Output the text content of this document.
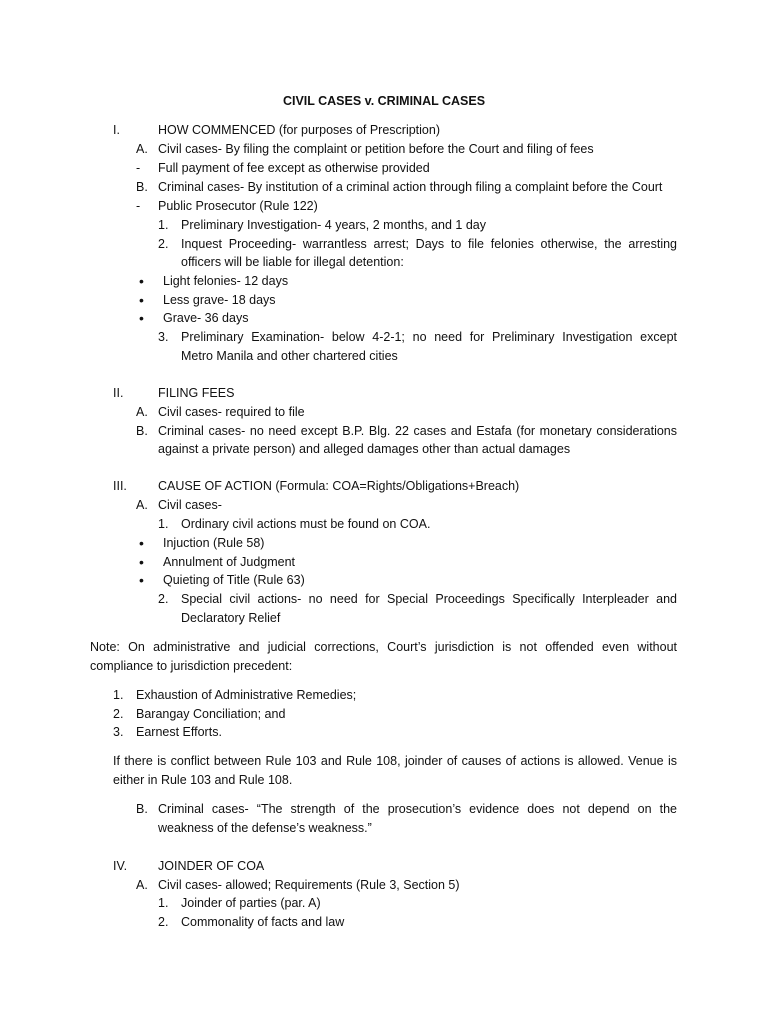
CIVIL CASES v. CRIMINAL CASES
I.	HOW COMMENCED (for purposes of Prescription)
A. Civil cases- By filing the complaint or petition before the Court and filing of fees
- Full payment of fee except as otherwise provided
B. Criminal cases- By institution of a criminal action through filing a complaint before the Court
- Public Prosecutor (Rule 122)
1. Preliminary Investigation- 4 years, 2 months, and 1 day
2. Inquest Proceeding- warrantless arrest; Days to file felonies otherwise, the arresting
officers will be liable for illegal detention:
• Light felonies- 12 days
• Less grave- 18 days
• Grave- 36 days
3. Preliminary Examination- below 4-2-1; no need for Preliminary Investigation except
Metro Manila and other chartered cities
II.	FILING FEES
A. Civil cases- required to file
B. Criminal cases- no need except B.P. Blg. 22 cases and Estafa (for monetary considerations
against a private person) and alleged damages other than actual damages
III. CAUSE OF ACTION (Formula: COA=Rights/Obligations+Breach)
A. Civil cases-
1. Ordinary civil actions must be found on COA.
• Injuction (Rule 58)
• Annulment of Judgment
• Quieting of Title (Rule 63)
2. Special civil actions- no need for Special Proceedings Specifically Interpleader and
Declaratory Relief
Note: On administrative and judicial corrections, Court’s jurisdiction is not offended even without
compliance to jurisdiction precedent:
1. Exhaustion of Administrative Remedies;
2. Barangay Conciliation; and
3. Earnest Efforts.
If there is conflict between Rule 103 and Rule 108, joinder of causes of actions is allowed. Venue is
either in Rule 103 and Rule 108.
B. Criminal cases- “The strength of the prosecution’s evidence does not depend on the
weakness of the defense’s weakness.”
IV. JOINDER OF COA
A. Civil cases- allowed; Requirements (Rule 3, Section 5)
1. Joinder of parties (par. A)
2. Commonality of facts and law
